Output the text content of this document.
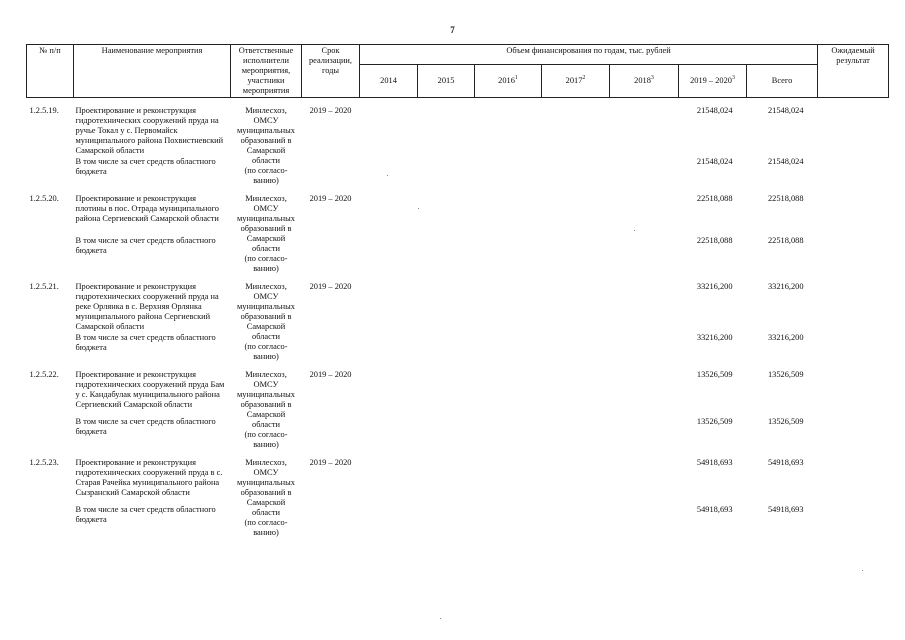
7
№ п/п	Наименование мероприятия	Ответственные исполнители мероприятия, участники мероприятия	Срок реализации, годы	Объем финансирования по годам, тыс. рублей							Ожидаемый результат
				2014	2015	2016$^1$	2017$^2$	2018$^3$	2019 – 2020$^3$	Всего	
1.2.5.19.	Проектирование и реконструкция гидротехнических сооружений пруда на ручье Токал у с. Первомайск муниципального района Похвистневский Самарской области	Минлесхоз, ОМСУ муниципальных образований в Самарской области
(по согласо-ванию)	2019 – 2020						21548,024	21548,024	
	В том числе за счет средств областного бюджета								21548,024	21548,024	
1.2.5.20.	Проектирование и реконструкция плотины в пос. Отрада муниципального района Сергиевский Самарской области	Минлесхоз, ОМСУ муниципальных образований в Самарской области
(по согласо-ванию)	2019 – 2020						22518,088	22518,088	
	В том числе за счет средств областного бюджета								22518,088	22518,088	
1.2.5.21.	Проектирование и реконструкция гидротехнических сооружений пруда на реке Орлянка в с. Верхняя Орлянка муниципального района Сергиевский Самарской области	Минлесхоз, ОМСУ муниципальных образований в Самарской области
(по согласо-ванию)	2019 – 2020						33216,200	33216,200	
	В том числе за счет средств областного бюджета								33216,200	33216,200	
1.2.5.22.	Проектирование и реконструкция гидротехнических сооружений пруда Бам у с. Кандабулак муниципального района Сергиевский Самарской области	Минлесхоз, ОМСУ муниципальных образований в Самарской области
(по согласо-ванию)	2019 – 2020						13526,509	13526,509	
	В том числе за счет средств областного бюджета								13526,509	13526,509	
1.2.5.23.	Проектирование и реконструкция гидротехнических сооружений пруда в с. Старая Рачейка муниципального района Сызранский Самарской области	Минлесхоз, ОМСУ муниципальных образований в Самарской области
(по согласо-ванию)	2019 – 2020						54918,693	54918,693	
	В том числе за счет средств областного бюджета								54918,693	54918,693	
